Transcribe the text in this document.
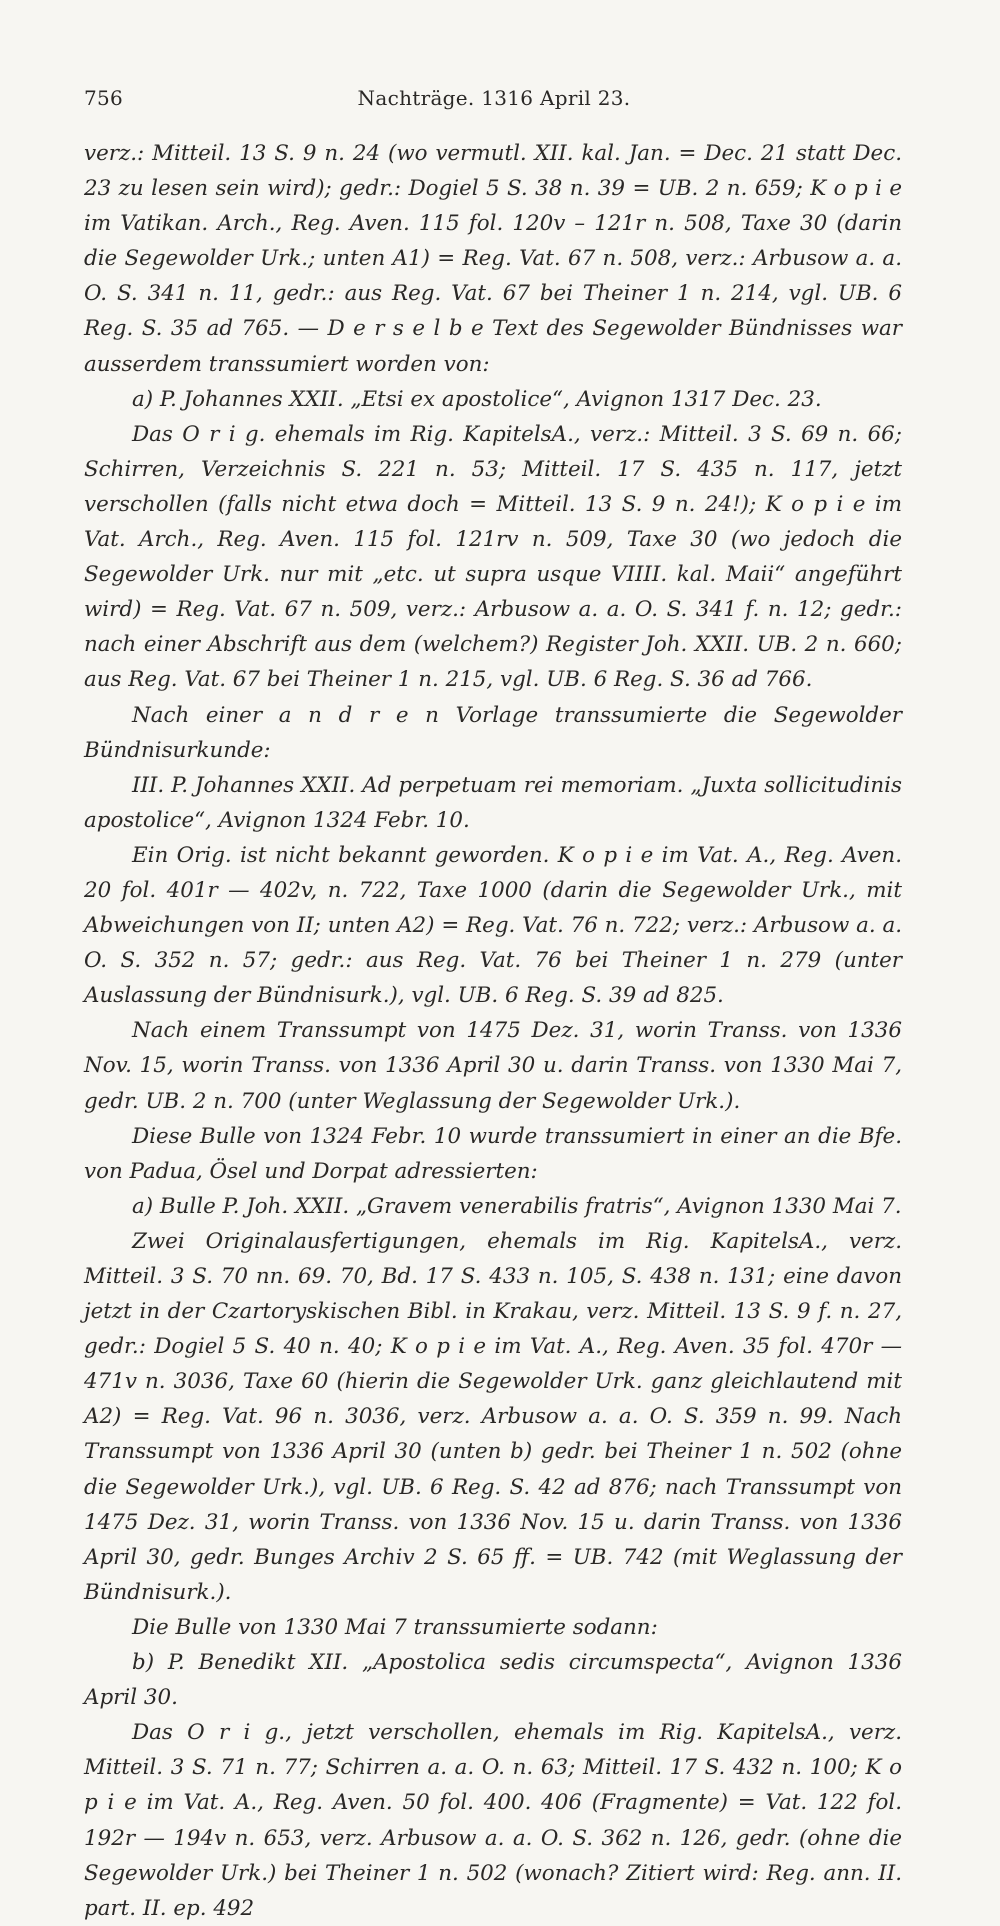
756	Nachträge. 1316 April 23.

verz.: Mitteil. 13 S. 9 n. 24 (wo vermutl. XII. kal. Jan. = Dec. 21 statt Dec. 23 zu lesen sein wird); gedr.: Dogiel 5 S. 38 n. 39 = UB. 2 n. 659; K o p i e im Vatikan. Arch., Reg. Aven. 115 fol. 120v – 121r n. 508, Taxe 30 (darin die Segewolder Urk.; unten A1) = Reg. Vat. 67 n. 508, verz.: Arbusow a. a. O. S. 341 n. 11, gedr.: aus Reg. Vat. 67 bei Theiner 1 n. 214, vgl. UB. 6 Reg. S. 35 ad 765. — D e r s e l b e Text des Segewolder Bündnisses war ausserdem transsumiert worden von:

a) P. Johannes XXII. „Etsi ex apostolice“, Avignon 1317 Dec. 23.

Das O r i g. ehemals im Rig. KapitelsA., verz.: Mitteil. 3 S. 69 n. 66; Schirren, Verzeichnis S. 221 n. 53; Mitteil. 17 S. 435 n. 117, jetzt verschollen (falls nicht etwa doch = Mitteil. 13 S. 9 n. 24!); K o p i e im Vat. Arch., Reg. Aven. 115 fol. 121rv n. 509, Taxe 30 (wo jedoch die Segewolder Urk. nur mit „etc. ut supra usque VIIII. kal. Maii“ angeführt wird) = Reg. Vat. 67 n. 509, verz.: Arbusow a. a. O. S. 341 f. n. 12; gedr.: nach einer Abschrift aus dem (welchem?) Register Joh. XXII. UB. 2 n. 660; aus Reg. Vat. 67 bei Theiner 1 n. 215, vgl. UB. 6 Reg. S. 36 ad 766.

Nach einer a n d r e n Vorlage transsumierte die Segewolder Bündnisurkunde:

III. P. Johannes XXII. Ad perpetuam rei memoriam. „Juxta sollicitudinis apostolice“, Avignon 1324 Febr. 10.

Ein Orig. ist nicht bekannt geworden. K o p i e im Vat. A., Reg. Aven. 20 fol. 401r — 402v, n. 722, Taxe 1000 (darin die Segewolder Urk., mit Abweichungen von II; unten A2) = Reg. Vat. 76 n. 722; verz.: Arbusow a. a. O. S. 352 n. 57; gedr.: aus Reg. Vat. 76 bei Theiner 1 n. 279 (unter Auslassung der Bündnisurk.), vgl. UB. 6 Reg. S. 39 ad 825.

Nach einem Transsumpt von 1475 Dez. 31, worin Transs. von 1336 Nov. 15, worin Transs. von 1336 April 30 u. darin Transs. von 1330 Mai 7, gedr. UB. 2 n. 700 (unter Weglassung der Segewolder Urk.).

Diese Bulle von 1324 Febr. 10 wurde transsumiert in einer an die Bfe. von Padua, Ösel und Dorpat adressierten:

a) Bulle P. Joh. XXII. „Gravem venerabilis fratris“, Avignon 1330 Mai 7.

Zwei Originalausfertigungen, ehemals im Rig. KapitelsA., verz. Mitteil. 3 S. 70 nn. 69. 70, Bd. 17 S. 433 n. 105, S. 438 n. 131; eine davon jetzt in der Czartoryskischen Bibl. in Krakau, verz. Mitteil. 13 S. 9 f. n. 27, gedr.: Dogiel 5 S. 40 n. 40; K o p i e im Vat. A., Reg. Aven. 35 fol. 470r — 471v n. 3036, Taxe 60 (hierin die Segewolder Urk. ganz gleichlautend mit A2) = Reg. Vat. 96 n. 3036, verz. Arbusow a. a. O. S. 359 n. 99. Nach Transsumpt von 1336 April 30 (unten b) gedr. bei Theiner 1 n. 502 (ohne die Segewolder Urk.), vgl. UB. 6 Reg. S. 42 ad 876; nach Transsumpt von 1475 Dez. 31, worin Transs. von 1336 Nov. 15 u. darin Transs. von 1336 April 30, gedr. Bunges Archiv 2 S. 65 ff. = UB. 742 (mit Weglassung der Bündnisurk.).

Die Bulle von 1330 Mai 7 transsumierte sodann:

b) P. Benedikt XII. „Apostolica sedis circumspecta“, Avignon 1336 April 30.

Das O r i g., jetzt verschollen, ehemals im Rig. KapitelsA., verz. Mitteil. 3 S. 71 n. 77; Schirren a. a. O. n. 63; Mitteil. 17 S. 432 n. 100; K o p i e im Vat. A., Reg. Aven. 50 fol. 400. 406 (Fragmente) = Vat. 122 fol. 192r — 194v n. 653, verz. Arbusow a. a. O. S. 362 n. 126, gedr. (ohne die Segewolder Urk.) bei Theiner 1 n. 502 (wonach? Zitiert wird: Reg. ann. II. part. II. ep. 492
